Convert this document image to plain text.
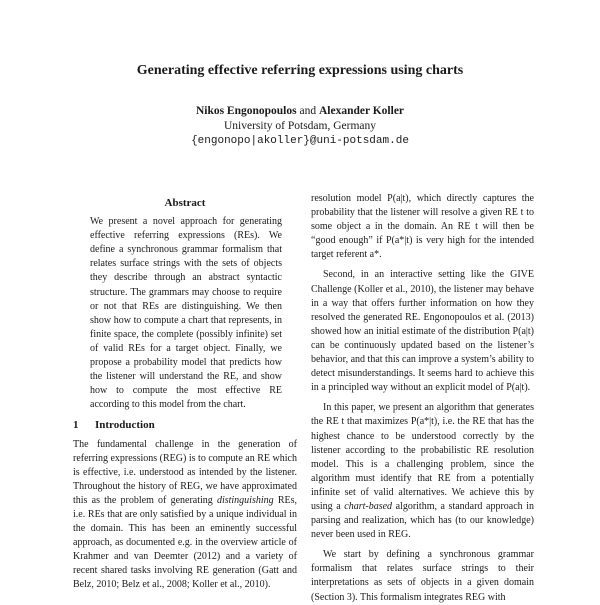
Generating effective referring expressions using charts
Nikos Engonopoulos and Alexander Koller
University of Potsdam, Germany
{engonopo|akoller}@uni-potsdam.de
Abstract

We present a novel approach for generating effective referring expressions (REs). We define a synchronous grammar formalism that relates surface strings with the sets of objects they describe through an abstract syntactic structure. The grammars may choose to require or not that REs are distinguishing. We then show how to compute a chart that represents, in finite space, the complete (possibly infinite) set of valid REs for a target object. Finally, we propose a probability model that predicts how the listener will understand the RE, and show how to compute the most effective RE according to this model from the chart.

1 Introduction

The fundamental challenge in the generation of referring expressions (REG) is to compute an RE which is effective, i.e. understood as intended by the listener. Throughout the history of REG, we have approximated this as the problem of generating distinguishing REs, i.e. REs that are only satisfied by a unique individual in the domain. This has been an eminently successful approach, as documented e.g. in the overview article of Krahmer and van Deemter (2012) and a variety of recent shared tasks involving RE generation (Gatt and Belz, 2010; Belz et al., 2008; Koller et al., 2010).

resolution model P(a|t), which directly captures the probability that the listener will resolve a given RE t to some object a in the domain. An RE t will then be “good enough” if P(a*|t) is very high for the intended target referent a*.

Second, in an interactive setting like the GIVE Challenge (Koller et al., 2010), the listener may behave in a way that offers further information on how they resolved the generated RE. Engonopoulos et al. (2013) showed how an initial estimate of the distribution P(a|t) can be continuously updated based on the listener’s behavior, and that this can improve a system’s ability to detect misunderstandings. It seems hard to achieve this in a principled way without an explicit model of P(a|t).

In this paper, we present an algorithm that generates the RE t that maximizes P(a*|t), i.e. the RE that has the highest chance to be understood correctly by the listener according to the probabilistic RE resolution model. This is a challenging problem, since the algorithm must identify that RE from a potentially infinite set of valid alternatives. We achieve this by using a chart-based algorithm, a standard approach in parsing and realization, which has (to our knowledge) never been used in REG.

We start by defining a synchronous grammar formalism that relates surface strings to their interpretations as sets of objects in a given domain (Section 3). This formalism integrates REG with
